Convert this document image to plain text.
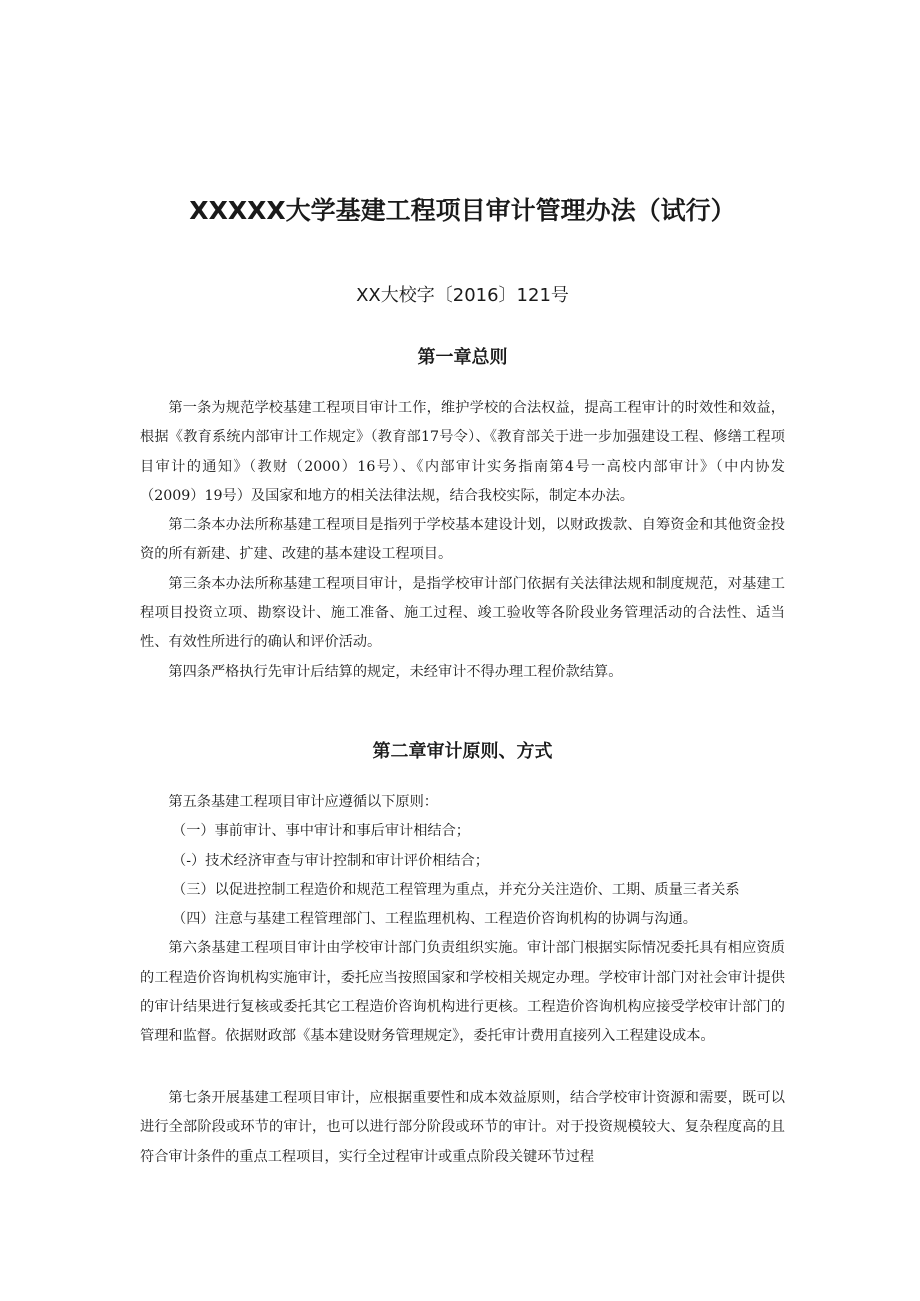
XXXXX大学基建工程项目审计管理办法（试行）
XX大校字〔2016〕121号
第一章总则

第一条为规范学校基建工程项目审计工作，维护学校的合法权益，提高工程审计的时效性和效益，根据《教育系统内部审计工作规定》（教育部17号令）、《教育部关于进一步加强建设工程、修缮工程项目审计的通知》（教财（2000）16号）、《内部审计实务指南第4号一高校内部审计》（中内协发（2009）19号）及国家和地方的相关法律法规，结合我校实际，制定本办法。

第二条本办法所称基建工程项目是指列于学校基本建设计划，以财政拨款、自筹资金和其他资金投资的所有新建、扩建、改建的基本建设工程项目。

第三条本办法所称基建工程项目审计，是指学校审计部门依据有关法律法规和制度规范，对基建工程项目投资立项、勘察设计、施工准备、施工过程、竣工验收等各阶段业务管理活动的合法性、适当性、有效性所进行的确认和评价活动。

第四条严格执行先审计后结算的规定，未经审计不得办理工程价款结算。

第二章审计原则、方式

第五条基建工程项目审计应遵循以下原则：

（一）事前审计、事中审计和事后审计相结合；
（-）技术经济审查与审计控制和审计评价相结合；
（三）以促进控制工程造价和规范工程管理为重点，并充分关注造价、工期、质量三者关系
（四）注意与基建工程管理部门、工程监理机构、工程造价咨询机构的协调与沟通。

第六条基建工程项目审计由学校审计部门负责组织实施。审计部门根据实际情况委托具有相应资质的工程造价咨询机构实施审计，委托应当按照国家和学校相关规定办理。学校审计部门对社会审计提供的审计结果进行复核或委托其它工程造价咨询机构进行更核。工程造价咨询机构应接受学校审计部门的管理和监督。依据财政部《基本建设财务管理规定》，委托审计费用直接列入工程建设成本。

第七条开展基建工程项目审计，应根据重要性和成本效益原则，结合学校审计资源和需要，既可以进行全部阶段或环节的审计，也可以进行部分阶段或环节的审计。对于投资规模较大、复杂程度高的且符合审计条件的重点工程项目，实行全过程审计或重点阶段关键环节过程
